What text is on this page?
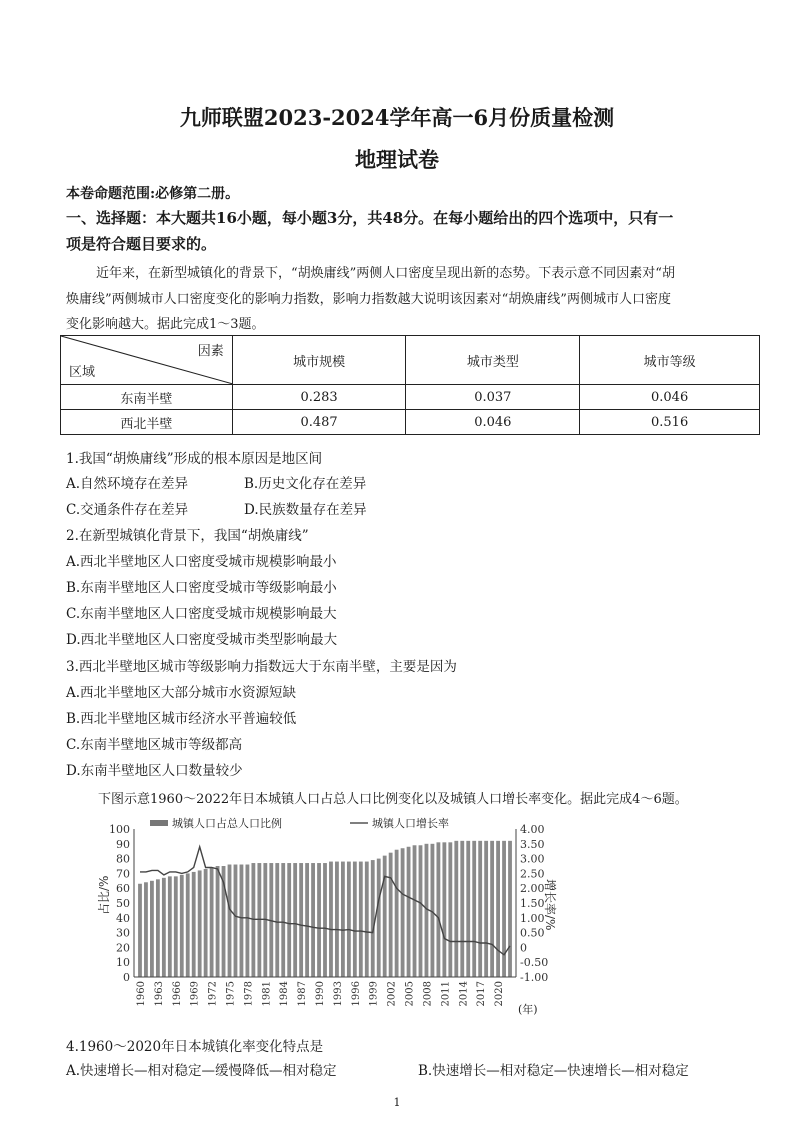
九师联盟2023-2024学年高一6月份质量检测
地理试卷
本卷命题范围:必修第二册。
一、选择题：本大题共16小题，每小题3分，共48分。在每小题给出的四个选项中，只有一
项是符合题目要求的。
近年来，在新型城镇化的背景下，“胡焕庸线”两侧人口密度呈现出新的态势。下表示意不同因素对“胡
焕庸线”两侧城市人口密度变化的影响力指数，影响力指数越大说明该因素对“胡焕庸线”两侧城市人口密度
变化影响越大。据此完成1～3题。
因素
区域	城市规模	城市类型	城市等级
东南半壁	0.283	0.037	0.046
西北半壁	0.487	0.046	0.516
1.我国“胡焕庸线”形成的根本原因是地区间
A.自然环境存在差异	B.历史文化存在差异
C.交通条件存在差异	D.民族数量存在差异
2.在新型城镇化背景下，我国“胡焕庸线”
A.西北半壁地区人口密度受城市规模影响最小
B.东南半壁地区人口密度受城市等级影响最小
C.东南半壁地区人口密度受城市规模影响最大
D.西北半壁地区人口密度受城市类型影响最大
3.西北半壁地区城市等级影响力指数远大于东南半壁，主要是因为
A.西北半壁地区大部分城市水资源短缺
B.西北半壁地区城市经济水平普遍较低
C.东南半壁地区城市等级都高
D.东南半壁地区人口数量较少
下图示意1960～2022年日本城镇人口占总人口比例变化以及城镇人口增长率变化。据此完成4～6题。
城镇人口占总人口比例	城镇人口增长率
100
90
80
70
60
50
40
30
20
10
0
4.00
3.50
3.00
2.50
2.00
1.50
1.00
0.50
0
-0.50
-1.00
1960 1963 1966 1969 1972 1975 1978 1981 1984 1987 1990 1993 1996 1999 2002 2005 2008 2011 2014 2017 2020
占比/%	增长率/%
(年)
4.1960～2020年日本城镇化率变化特点是
A.快速增长—相对稳定—缓慢降低—相对稳定	B.快速增长—相对稳定—快速增长—相对稳定
1
